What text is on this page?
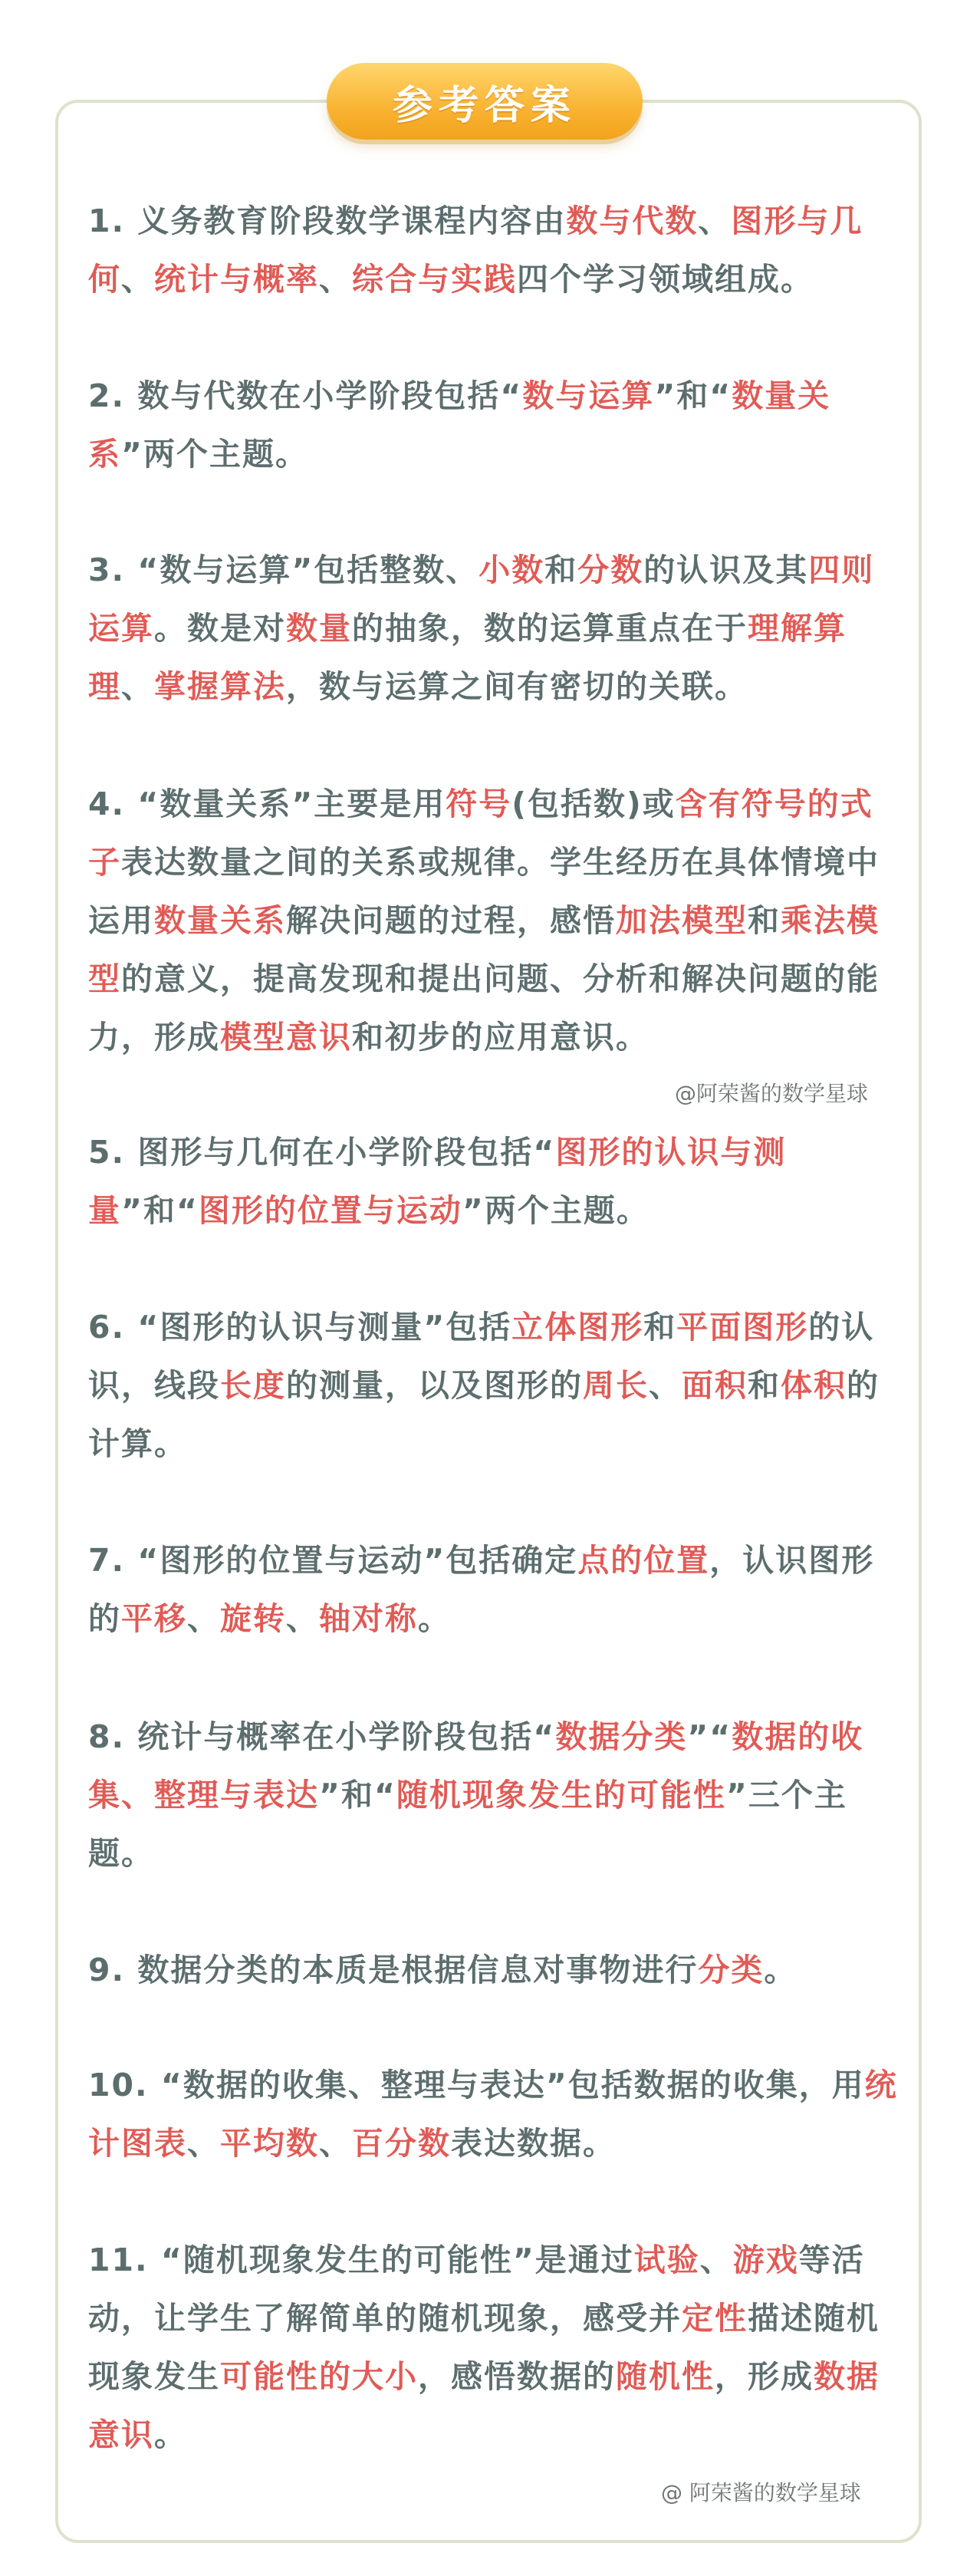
参考答案
1. 义务教育阶段数学课程内容由数与代数、图形与几何、统计与概率、综合与实践四个学习领域组成。
2. 数与代数在小学阶段包括“数与运算”和“数量关系”两个主题。
3. “数与运算”包括整数、小数和分数的认识及其四则运算。数是对数量的抽象，数的运算重点在于理解算理、掌握算法，数与运算之间有密切的关联。
4. “数量关系”主要是用符号(包括数)或含有符号的式子表达数量之间的关系或规律。学生经历在具体情境中运用数量关系解决问题的过程，感悟加法模型和乘法模型的意义，提高发现和提出问题、分析和解决问题的能力，形成模型意识和初步的应用意识。
@阿荣酱的数学星球
5. 图形与几何在小学阶段包括“图形的认识与测量”和“图形的位置与运动”两个主题。
6. “图形的认识与测量”包括立体图形和平面图形的认识，线段长度的测量，以及图形的周长、面积和体积的计算。
7. “图形的位置与运动”包括确定点的位置，认识图形的平移、旋转、轴对称。
8. 统计与概率在小学阶段包括“数据分类”“数据的收集、整理与表达”和“随机现象发生的可能性”三个主题。
9. 数据分类的本质是根据信息对事物进行分类。
10. “数据的收集、整理与表达”包括数据的收集，用统计图表、平均数、百分数表达数据。
11. “随机现象发生的可能性”是通过试验、游戏等活动，让学生了解简单的随机现象，感受并定性描述随机现象发生可能性的大小，感悟数据的随机性，形成数据意识。
@ 阿荣酱的数学星球
